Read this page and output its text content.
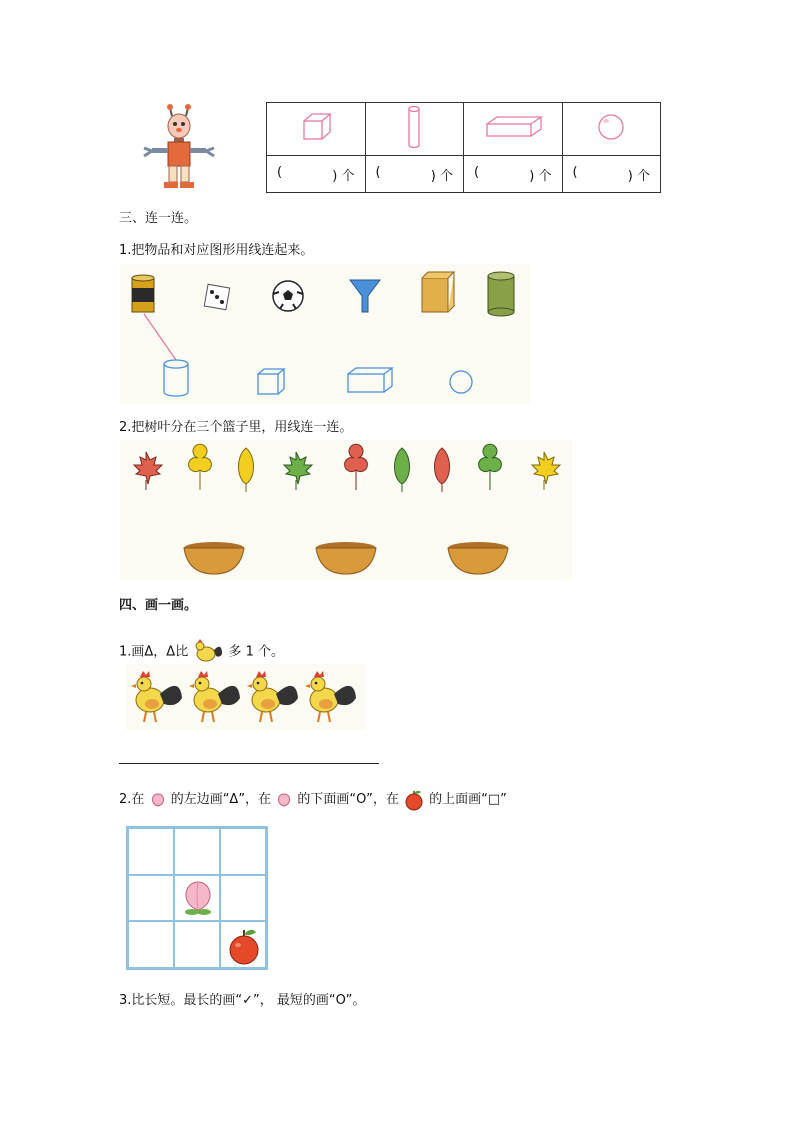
( ) 个	( ) 个	( ) 个	( ) 个
三、连一连。
1.把物品和对应图形用线连起来。
2.把树叶分在三个篮子里，用线连一连。
四、画一画。
1.画Δ，Δ比	多 1 个。
2.在 的左边画“Δ”，在 的下面画“O”，在 的上面画“□”
3.比长短。最长的画“✓”， 最短的画“O”。
